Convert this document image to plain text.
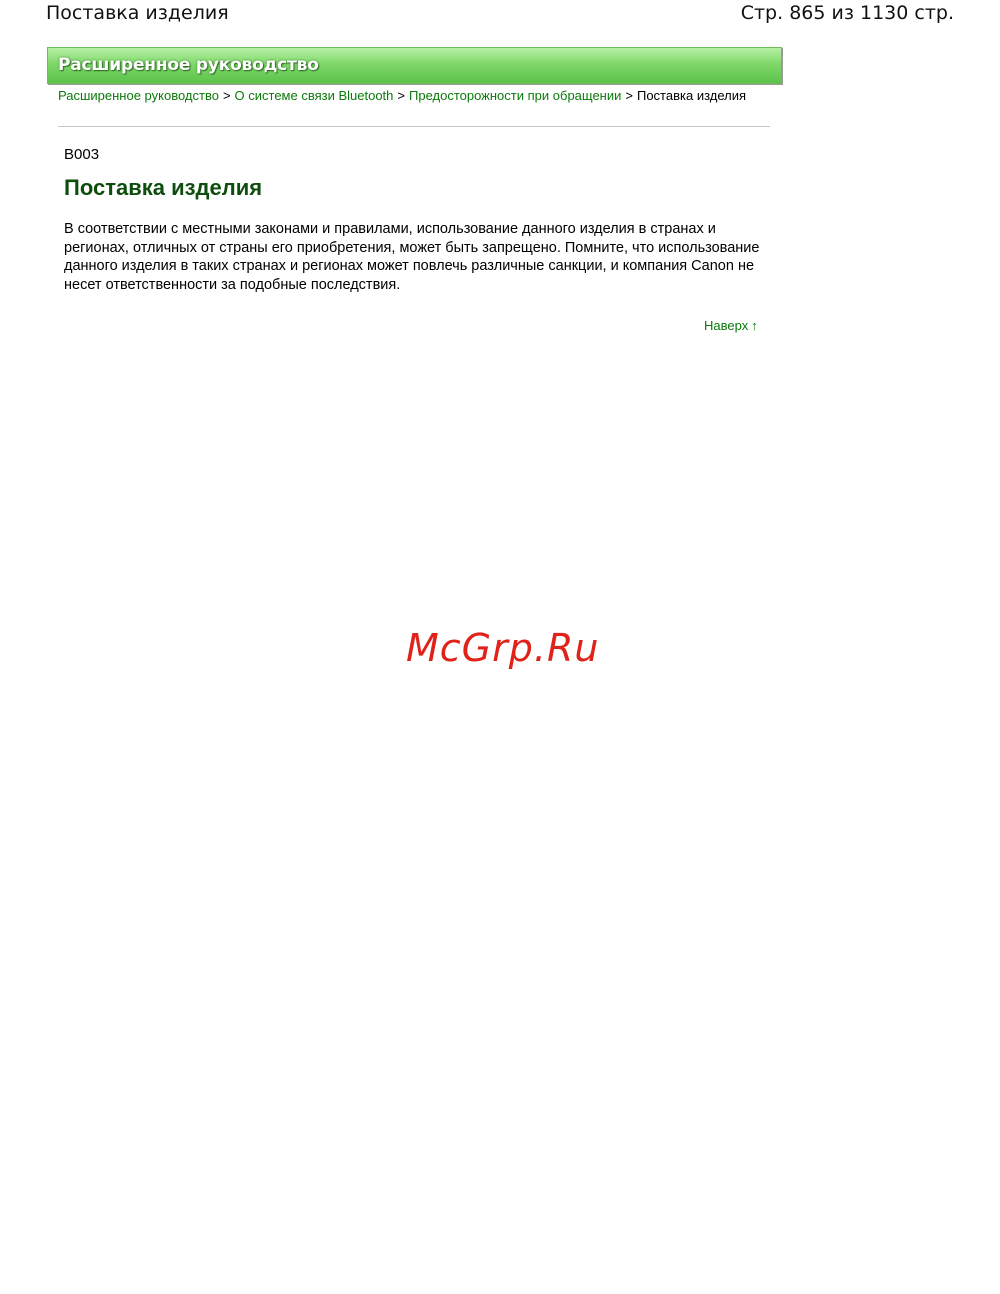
Поставка изделия	Стр. 865 из 1130 стр.
Расширенное руководство
Расширенное руководство > О системе связи Bluetooth > Предосторожности при обращении > Поставка изделия
B003
Поставка изделия

В соответствии с местными законами и правилами, использование данного изделия в странах и регионах, отличных от страны его приобретения, может быть запрещено. Помните, что использование данного изделия в таких странах и регионах может повлечь различные санкции, и компания Canon не несет ответственности за подобные последствия.

Наверх ↑
McGrp.Ru
